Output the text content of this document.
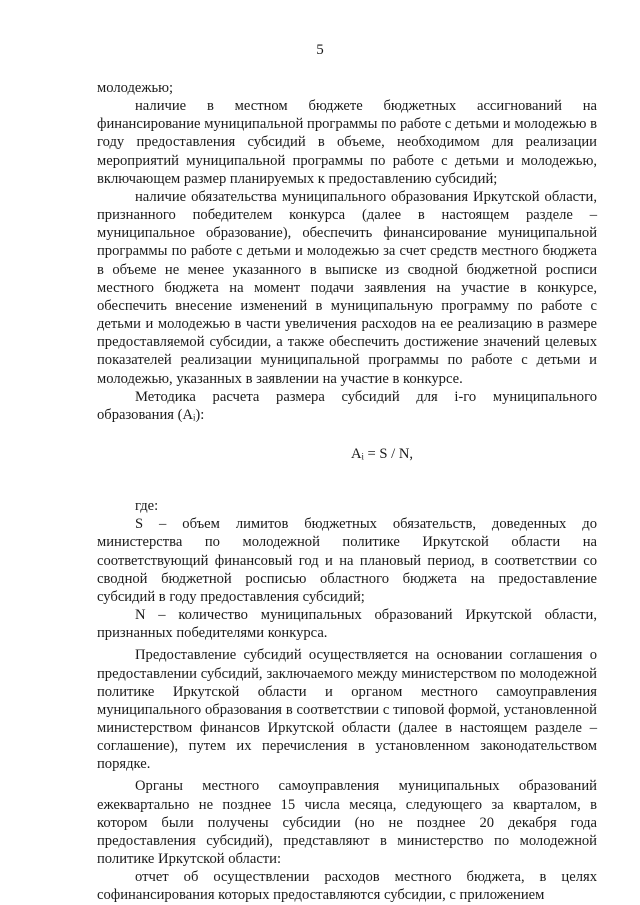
5

молодежью;

наличие в местном бюджете бюджетных ассигнований на финансирование муниципальной программы по работе с детьми и молодежью в году предоставления субсидий в объеме, необходимом для реализации мероприятий муниципальной программы по работе с детьми и молодежью, включающем размер планируемых к предоставлению субсидий;

наличие обязательства муниципального образования Иркутской области, признанного победителем конкурса (далее в настоящем разделе – муниципальное образование), обеспечить финансирование муниципальной программы по работе с детьми и молодежью за счет средств местного бюджета в объеме не менее указанного в выписке из сводной бюджетной росписи местного бюджета на момент подачи заявления на участие в конкурсе, обеспечить внесение изменений в муниципальную программу по работе с детьми и молодежью в части увеличения расходов на ее реализацию в размере предоставляемой субсидии, а также обеспечить достижение значений целевых показателей реализации муниципальной программы по работе с детьми и молодежью, указанных в заявлении на участие в конкурсе.

Методика расчета размера субсидий для i-го муниципального образования (Aᵢ):

Aᵢ = S / N,

где:

S – объем лимитов бюджетных обязательств, доведенных до министерства по молодежной политике Иркутской области на соответствующий финансовый год и на плановый период, в соответствии со сводной бюджетной росписью областного бюджета на предоставление субсидий в году предоставления субсидий;

N – количество муниципальных образований Иркутской области, признанных победителями конкурса.

Предоставление субсидий осуществляется на основании соглашения о предоставлении субсидий, заключаемого между министерством по молодежной политике Иркутской области и органом местного самоуправления муниципального образования в соответствии с типовой формой, установленной министерством финансов Иркутской области (далее в настоящем разделе – соглашение), путем их перечисления в установленном законодательством порядке.

Органы местного самоуправления муниципальных образований ежеквартально не позднее 15 числа месяца, следующего за кварталом, в котором были получены субсидии (но не позднее 20 декабря года предоставления субсидий), представляют в министерство по молодежной политике Иркутской области:

отчет об осуществлении расходов местного бюджета, в целях софинансирования которых предоставляются субсидии, с приложением
